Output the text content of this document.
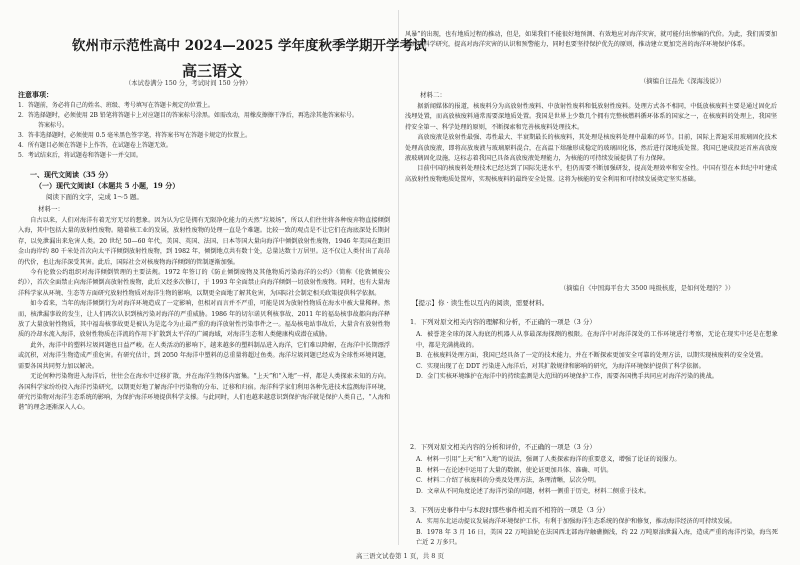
钦州市示范性高中 2024—2025 学年度秋季学期开学考试
高三语文
（本试卷满分 150 分，考试时间 150 分钟）
注意事项：

1．答题前，务必将自己的姓名、班级、考号填写在答题卡规定的位置上。

2．答选择题时，必须使用 2B 铅笔将答题卡上对应题目的答案标号涂黑。如需改动，用橡皮擦擦干净后，再选涂其他答案标号。

答案标号。

3．答非选择题时，必须使用 0.5 毫米黑色签字笔，将答案书写在答题卡规定的位置上。

4．所有题目必须在答题卡上作答，在试题卷上答题无效。

5．考试结束后，将试题卷和答题卡一并交回。

一、现代文阅读（35 分）
（一）现代文阅读Ⅰ（本题共 5 小题，19 分）
阅读下面的文字，完成 1～5 题。
材料一：

自古以来，人们对海洋有着无穷无尽的想象。因为认为它是拥有无限净化能力的天然“垃圾场”，所以人们往往将各种废弃物直接倾倒入海，其中包括大量的放射性废物。随着核工业的发展，放射性废物的处理一直是个难题。比较一致的观点是不让它们在海底深处长期封存，以免泄漏出来危害人类。20 世纪 50—60 年代，美国、英国、法国、日本等国大量向海洋中倾倒放射性废物，1946 年美国在距旧金山海岸约 80 千米处首次向太平洋倾倒放射性废物，到 1982 年，倾倒地点共有数十处，总量达数十万居里。这不仅让人类付出了高昂的代价，也让海洋深受其害。此后，国际社会对核废物海洋倾倒的管制逐渐加强。

今有伦敦公约组织对海洋倾倒管理的主要法规。1972 年签订的《防止倾倒废物及其他物质污染海洋的公约》（简称《伦敦倾废公约》），首次全面禁止向海洋倾倒高放射性废物，此后又经多次修订，于 1993 年全面禁止向海洋倾倒一切放射性废物。同时，也有大量海洋科学家从环境、生态等方面研究放射性物质对海洋生物的影响，以期更全面地了解其危害，为国际社会制定相关政策提供科学依据。

如今看来，当年的海洋倾倒行为对海洋环境造成了一定影响，但相对而言并不严重，可能是因为放射性物质在海水中被大量稀释。然而，核泄漏事故的发生，让人们再次认识到核污染对海洋的严重威胁。1986 年的切尔诺贝利核事故、2011 年的福岛核事故都向海洋释放了大量放射性物质，其中福岛核事故更是被认为是迄今为止最严重的海洋放射性污染事件之一。福岛核电站事故后，大量含有放射性物质的冷却水流入海洋，放射性物质在洋流的作用下扩散到太平洋的广阔海域，对海洋生态和人类健康构成潜在威胁。

此外，海洋中的塑料垃圾问题也日益严峻。在人类活动的影响下，越来越多的塑料制品进入海洋，它们难以降解，在海洋中长期漂浮或沉积，对海洋生物造成严重危害。有研究估计，到 2050 年海洋中塑料的总重量将超过鱼类。海洋垃圾问题已经成为全球性环境问题，需要各国共同努力加以解决。

无论何种污染物进入海洋后，往往会在海水中迁移扩散，并在海洋生物体内富集。“上天”和“入地”一样，都是人类探索未知的方向。各国科学家纷纷投入海洋污染研究，以期更好地了解海洋中污染物的分布、迁移和归宿。海洋科学家们利用各种先进技术监测海洋环境，研究污染物对海洋生态系统的影响，为保护海洋环境提供科学支撑。与此同时，人们也越来越意识到保护海洋就是保护人类自己，“人海和谐”的理念逐渐深入人心。

风暴”的出现，也有地质过程的推动，但是，如果我们不能很好地预测、有效地应对海洋灾害，就可能付出惨痛的代价。为此，我们需要加强海洋科学研究，提高对海洋灾害的认识和预警能力，同时也要坚持保护优先的原则，推动建立更加完善的海洋环境保护体系。

（摘编自汪品先《深海浅说》）
材料二：

据新闻媒体的报道，核废料分为高放射性废料、中放射性废料和低放射性废料。处理方式各不相同，中低放核废料主要是通过固化后浅埋处置，而高放核废料通常需要深地质处置。我国是世界上少数几个拥有完整核燃料循环体系的国家之一，在核废料的处理上，我国坚持安全第一、科学处理的原则，不断探索和完善核废料处理技术。

高放废液是放射性最强、毒性最大、半衰期最长的核废料，其处理是核废料处理中最难的环节。目前，国际上普遍采用玻璃固化技术处理高放废液，即将高放废液与玻璃原料混合，在高温下熔融形成稳定的玻璃固化体，然后进行深地质处置。我国已建成投运首座高放废液玻璃固化设施，这标志着我国已具备高放废液处理能力，为核能的可持续发展提供了有力保障。

目前中国的核废料处理技术已经达到了国际先进水平，但仍需要不断加强研发，提高处理效率和安全性。中国有望在本世纪中叶建成高放射性废物地质处置库，实现核废料的最终安全处置。这将为核能的安全利用和可持续发展奠定坚实基础。

（摘编自《中国海平台大 3500 吨级核废，是如何处理的？》）
【提示】你 · 读生性以互内的阅读，需要材料。
1．下列对原文相关内容的理解和分析，不正确的一项是（3 分）

A．被誉迷全球的深入海底的机器人从事最深海探测的极限。在海洋中对海洋深处的工作环境进行考察，无论在现实中还是在想象中，都是充满挑战的。

B．在核废料处理方面，我国已经具备了一定的技术能力，并在不断探索更加安全可靠的处理方法，以期实现核废料的安全处置。

C．实现出现了在 DDT 污染进入海洋后，对其扩散规律和影响的研究，为海洋环境保护提供了科学依据。

D．金门实核环境维护在海洋中的持续监测是大范围的环境保护工作，需要各国携手共同应对海洋污染的挑战。

2．下列对原文相关内容的分析和评价，不正确的一项是（3 分）

A．材料一引用“上天”和“入地”的说法，强调了人类探索海洋的重要意义，增强了论证的说服力。

B．材料一在论述中运用了大量的数据，使论证更加具体、准确、可信。

C．材料二介绍了核废料的分类及处理方法，条理清晰，层次分明。

D．文章从不同角度论述了海洋污染的问题，材料一侧重于历史，材料二侧重于技术。

3．下列历史事件中与本段时那些事件相关而不相符的一项是（3 分）

A．实用东北运动提议发展海洋环境保护工作，有利于加强海洋生态系统的保护和修复，推动海洋经济的可持续发展。

B．1978 年 3 月 16 日，美国 22 万吨油轮在法国西北部海岸触礁搁浅，约 22 万吨原油泄漏入海，造成严重的海洋污染，海鸟死亡近 2 万多只。

高三语文试卷第 1 页，共 8 页
